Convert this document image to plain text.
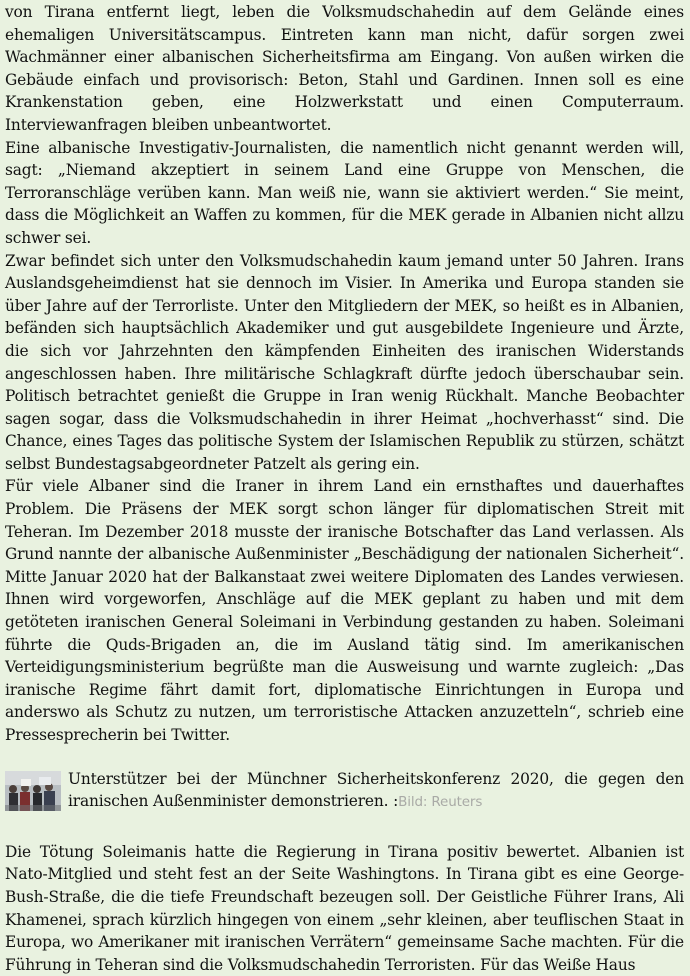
von Tirana entfernt liegt, leben die Volksmudschahedin auf dem Gelände eines ehemaligen Universitätscampus. Eintreten kann man nicht, dafür sorgen zwei Wachmänner einer albanischen Sicherheitsfirma am Eingang. Von außen wirken die Gebäude einfach und provisorisch: Beton, Stahl und Gardinen. Innen soll es eine Krankenstation geben, eine Holzwerkstatt und einen Computerraum. Interviewanfragen bleiben unbeantwortet.

Eine albanische Investigativ-Journalisten, die namentlich nicht genannt werden will, sagt: „Niemand akzeptiert in seinem Land eine Gruppe von Menschen, die Terroranschläge verüben kann. Man weiß nie, wann sie aktiviert werden.“ Sie meint, dass die Möglichkeit an Waffen zu kommen, für die MEK gerade in Albanien nicht allzu schwer sei.

Zwar befindet sich unter den Volksmudschahedin kaum jemand unter 50 Jahren. Irans Auslandsgeheimdienst hat sie dennoch im Visier. In Amerika und Europa standen sie über Jahre auf der Terrorliste. Unter den Mitgliedern der MEK, so heißt es in Albanien, befänden sich hauptsächlich Akademiker und gut ausgebildete Ingenieure und Ärzte, die sich vor Jahrzehnten den kämpfenden Einheiten des iranischen Widerstands angeschlossen haben. Ihre militärische Schlagkraft dürfte jedoch überschaubar sein. Politisch betrachtet genießt die Gruppe in Iran wenig Rückhalt. Manche Beobachter sagen sogar, dass die Volksmudschahedin in ihrer Heimat „hochverhasst“ sind. Die Chance, eines Tages das politische System der Islamischen Republik zu stürzen, schätzt selbst Bundestagsabgeordneter Patzelt als gering ein.

Für viele Albaner sind die Iraner in ihrem Land ein ernsthaftes und dauerhaftes Problem. Die Präsens der MEK sorgt schon länger für diplomatischen Streit mit Teheran. Im Dezember 2018 musste der iranische Botschafter das Land verlassen. Als Grund nannte der albanische Außenminister „Beschädigung der nationalen Sicherheit“. Mitte Januar 2020 hat der Balkanstaat zwei weitere Diplomaten des Landes verwiesen. Ihnen wird vorgeworfen, Anschläge auf die MEK geplant zu haben und mit dem getöteten iranischen General Soleimani in Verbindung gestanden zu haben. Soleimani führte die Quds-Brigaden an, die im Ausland tätig sind. Im amerikanischen Verteidigungsministerium begrüßte man die Ausweisung und warnte zugleich: „Das iranische Regime fährt damit fort, diplomatische Einrichtungen in Europa und anderswo als Schutz zu nutzen, um terroristische Attacken anzuzetteln“, schrieb eine Pressesprecherin bei Twitter.

Unterstützer bei der Münchner Sicherheitskonferenz 2020, die gegen den iranischen Außenminister demonstrieren. :Bild: Reuters

Die Tötung Soleimanis hatte die Regierung in Tirana positiv bewertet. Albanien ist Nato-Mitglied und steht fest an der Seite Washingtons. In Tirana gibt es eine George-Bush-Straße, die die tiefe Freundschaft bezeugen soll. Der Geistliche Führer Irans, Ali Khamenei, sprach kürzlich hingegen von einem „sehr kleinen, aber teuflischen Staat in Europa, wo Amerikaner mit iranischen Verrätern“ gemeinsame Sache machten. Für die Führung in Teheran sind die Volksmudschahedin Terroristen. Für das Weiße Haus
